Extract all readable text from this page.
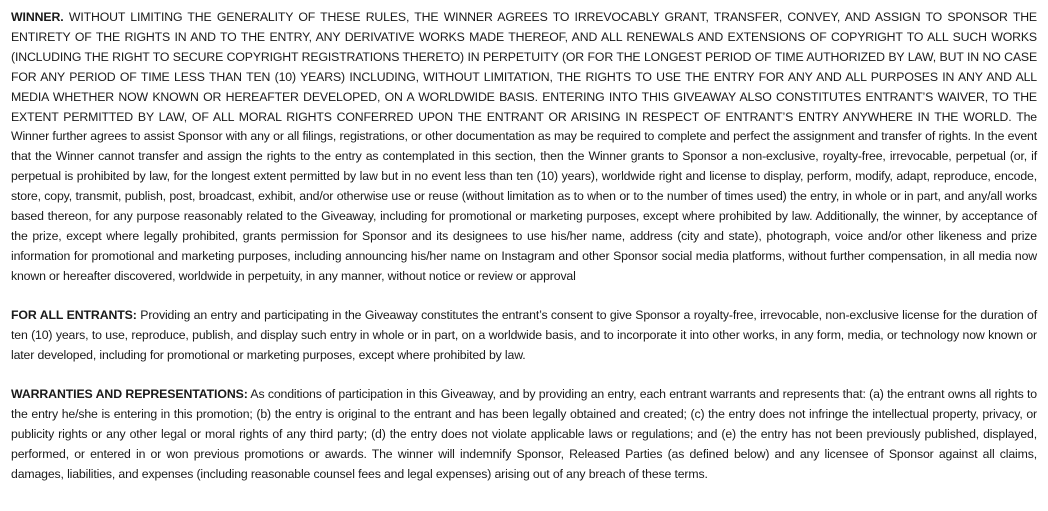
WINNER. WITHOUT LIMITING THE GENERALITY OF THESE RULES, THE WINNER AGREES TO IRREVOCABLY GRANT, TRANSFER, CONVEY, AND ASSIGN TO SPONSOR THE ENTIRETY OF THE RIGHTS IN AND TO THE ENTRY, ANY DERIVATIVE WORKS MADE THEREOF, AND ALL RENEWALS AND EXTENSIONS OF COPYRIGHT TO ALL SUCH WORKS (INCLUDING THE RIGHT TO SECURE COPYRIGHT REGISTRATIONS THERETO) IN PERPETUITY (OR FOR THE LONGEST PERIOD OF TIME AUTHORIZED BY LAW, BUT IN NO CASE FOR ANY PERIOD OF TIME LESS THAN TEN (10) YEARS) INCLUDING, WITHOUT LIMITATION, THE RIGHTS TO USE THE ENTRY FOR ANY AND ALL PURPOSES IN ANY AND ALL MEDIA WHETHER NOW KNOWN OR HEREAFTER DEVELOPED, ON A WORLDWIDE BASIS. ENTERING INTO THIS GIVEAWAY ALSO CONSTITUTES ENTRANT’S WAIVER, TO THE EXTENT PERMITTED BY LAW, OF ALL MORAL RIGHTS CONFERRED UPON THE ENTRANT OR ARISING IN RESPECT OF ENTRANT’S ENTRY ANYWHERE IN THE WORLD. The Winner further agrees to assist Sponsor with any or all filings, registrations, or other documentation as may be required to complete and perfect the assignment and transfer of rights. In the event that the Winner cannot transfer and assign the rights to the entry as contemplated in this section, then the Winner grants to Sponsor a non-exclusive, royalty-free, irrevocable, perpetual (or, if perpetual is prohibited by law, for the longest extent permitted by law but in no event less than ten (10) years), worldwide right and license to display, perform, modify, adapt, reproduce, encode, store, copy, transmit, publish, post, broadcast, exhibit, and/or otherwise use or reuse (without limitation as to when or to the number of times used) the entry, in whole or in part, and any/all works based thereon, for any purpose reasonably related to the Giveaway, including for promotional or marketing purposes, except where prohibited by law. Additionally, the winner, by acceptance of the prize, except where legally prohibited, grants permission for Sponsor and its designees to use his/her name, address (city and state), photograph, voice and/or other likeness and prize information for promotional and marketing purposes, including announcing his/her name on Instagram and other Sponsor social media platforms, without further compensation, in all media now known or hereafter discovered, worldwide in perpetuity, in any manner, without notice or review or approval

FOR ALL ENTRANTS: Providing an entry and participating in the Giveaway constitutes the entrant’s consent to give Sponsor a royalty-free, irrevocable, non-exclusive license for the duration of ten (10) years, to use, reproduce, publish, and display such entry in whole or in part, on a worldwide basis, and to incorporate it into other works, in any form, media, or technology now known or later developed, including for promotional or marketing purposes, except where prohibited by law.

WARRANTIES AND REPRESENTATIONS: As conditions of participation in this Giveaway, and by providing an entry, each entrant warrants and represents that: (a) the entrant owns all rights to the entry he/she is entering in this promotion; (b) the entry is original to the entrant and has been legally obtained and created; (c) the entry does not infringe the intellectual property, privacy, or publicity rights or any other legal or moral rights of any third party; (d) the entry does not violate applicable laws or regulations; and (e) the entry has not been previously published, displayed, performed, or entered in or won previous promotions or awards. The winner will indemnify Sponsor, Released Parties (as defined below) and any licensee of Sponsor against all claims, damages, liabilities, and expenses (including reasonable counsel fees and legal expenses) arising out of any breach of these terms.
